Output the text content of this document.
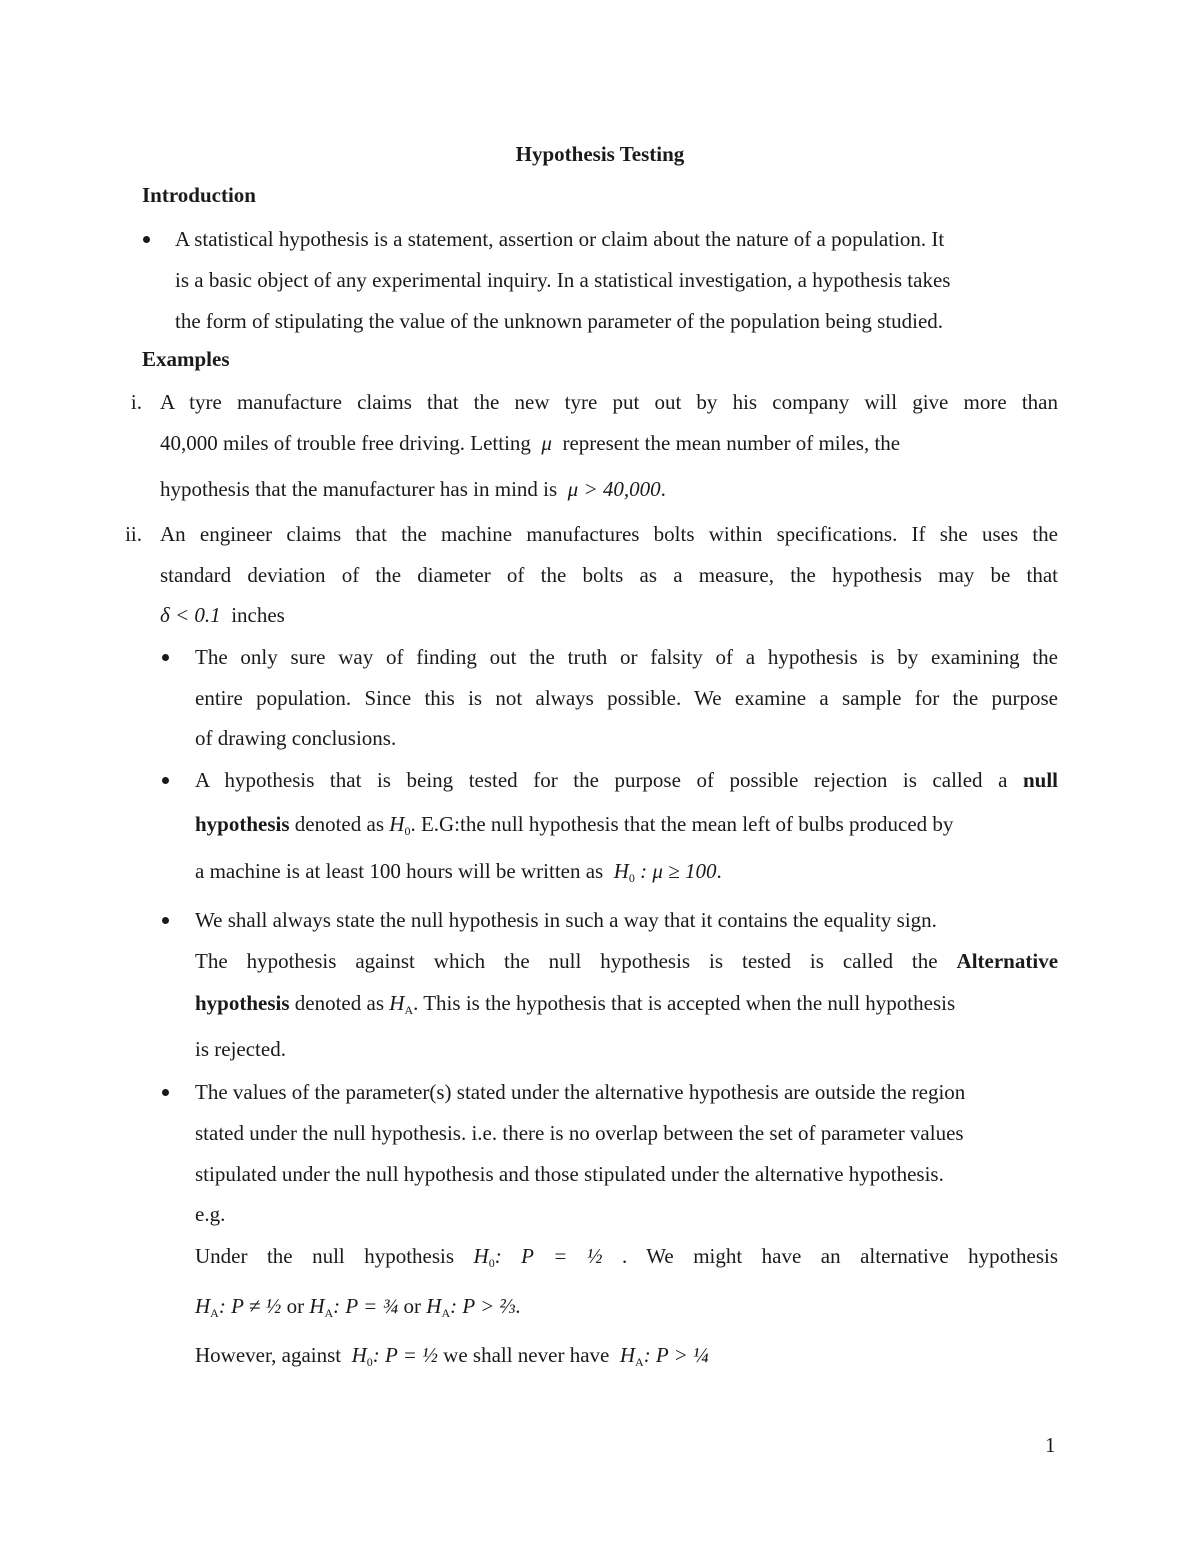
Hypothesis Testing
Introduction
A statistical hypothesis is a statement, assertion or claim about the nature of a population. It
is a basic object of any experimental inquiry. In a statistical investigation, a hypothesis takes
the form of stipulating the value of the unknown parameter of the population being studied.
Examples
i. A tyre manufacture claims that the new tyre put out by his company will give more than
40,000 miles of trouble free driving. Letting μ represent the mean number of miles, the
hypothesis that the manufacturer has in mind is μ > 40,000.
ii. An engineer claims that the machine manufactures bolts within specifications. If she uses the
standard deviation of the diameter of the bolts as a measure, the hypothesis may be that
δ < 0.1 inches
The only sure way of finding out the truth or falsity of a hypothesis is by examining the
entire population. Since this is not always possible. We examine a sample for the purpose
of drawing conclusions.
A hypothesis that is being tested for the purpose of possible rejection is called a null
hypothesis denoted as $H_0$. E.G:the null hypothesis that the mean left of bulbs produced by
a machine is at least 100 hours will be written as $H_0$ : μ ≥ 100.
We shall always state the null hypothesis in such a way that it contains the equality sign.
The hypothesis against which the null hypothesis is tested is called the Alternative
hypothesis denoted as $H_A$. This is the hypothesis that is accepted when the null hypothesis
is rejected.
The values of the parameter(s) stated under the alternative hypothesis are outside the region
stated under the null hypothesis. i.e. there is no overlap between the set of parameter values
stipulated under the null hypothesis and those stipulated under the alternative hypothesis.
e.g.
Under the null hypothesis $H_0$: P = ½ . We might have an alternative hypothesis
$H_A$: P ≠ ½ or $H_A$: P = ¾ or $H_A$: P > ⅔.
However, against $H_0$: P = ½ we shall never have $H_A$: P > ¼
1
